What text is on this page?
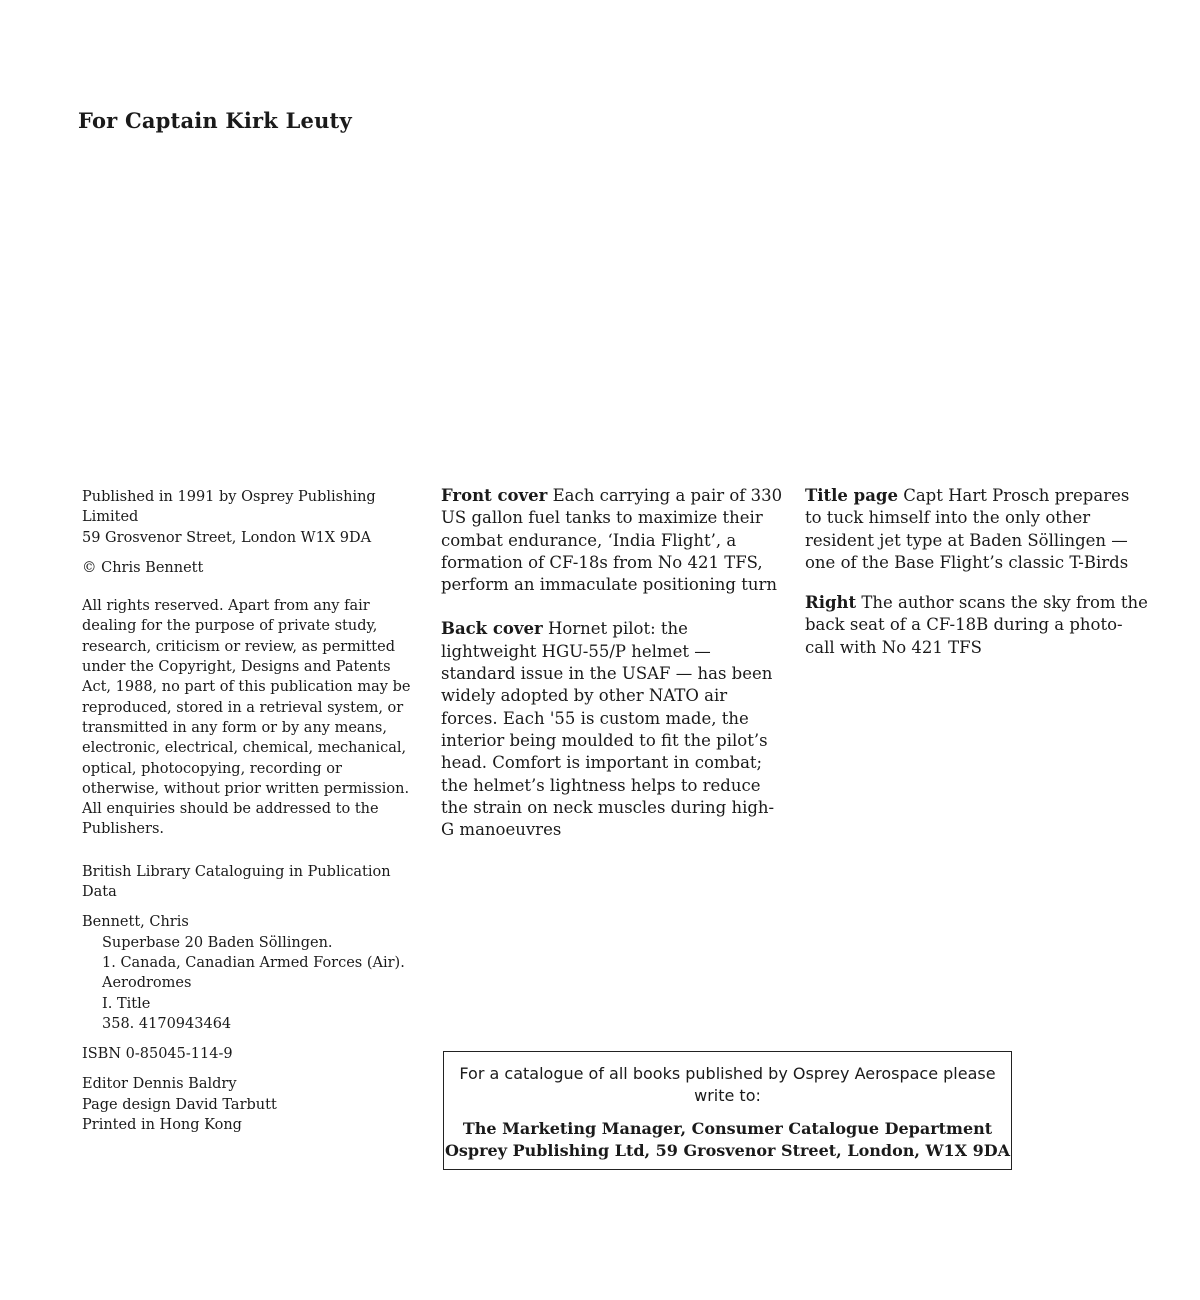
For Captain Kirk Leuty

Published in 1991 by Osprey Publishing Limited

59 Grosvenor Street, London W1X 9DA

© Chris Bennett

All rights reserved. Apart from any fair dealing for the purpose of private study, research, criticism or review, as permitted under the Copyright, Designs and Patents Act, 1988, no part of this publication may be reproduced, stored in a retrieval system, or transmitted in any form or by any means, electronic, electrical, chemical, mechanical, optical, photocopying, recording or otherwise, without prior written permission. All enquiries should be addressed to the Publishers.

British Library Cataloguing in Publication Data

Bennett, Chris

Superbase 20 Baden Söllingen.

1. Canada, Canadian Armed Forces (Air).

Aerodromes

I. Title

358. 4170943464

ISBN 0-85045-114-9

Editor Dennis Baldry

Page design David Tarbutt

Printed in Hong Kong

Front cover Each carrying a pair of 330 US gallon fuel tanks to maximize their combat endurance, ‘India Flight’, a formation of CF-18s from No 421 TFS, perform an immaculate positioning turn

Back cover Hornet pilot: the lightweight HGU-55/P helmet — standard issue in the USAF — has been widely adopted by other NATO air forces. Each '55 is custom made, the interior being moulded to fit the pilot’s head. Comfort is important in combat; the helmet’s lightness helps to reduce the strain on neck muscles during high-G manoeuvres

Title page Capt Hart Prosch prepares to tuck himself into the only other resident jet type at Baden Söllingen — one of the Base Flight’s classic T-Birds

Right The author scans the sky from the back seat of a CF-18B during a photo-call with No 421 TFS

For a catalogue of all books published by Osprey Aerospace please write to:

The Marketing Manager, Consumer Catalogue Department
Osprey Publishing Ltd, 59 Grosvenor Street, London, W1X 9DA
